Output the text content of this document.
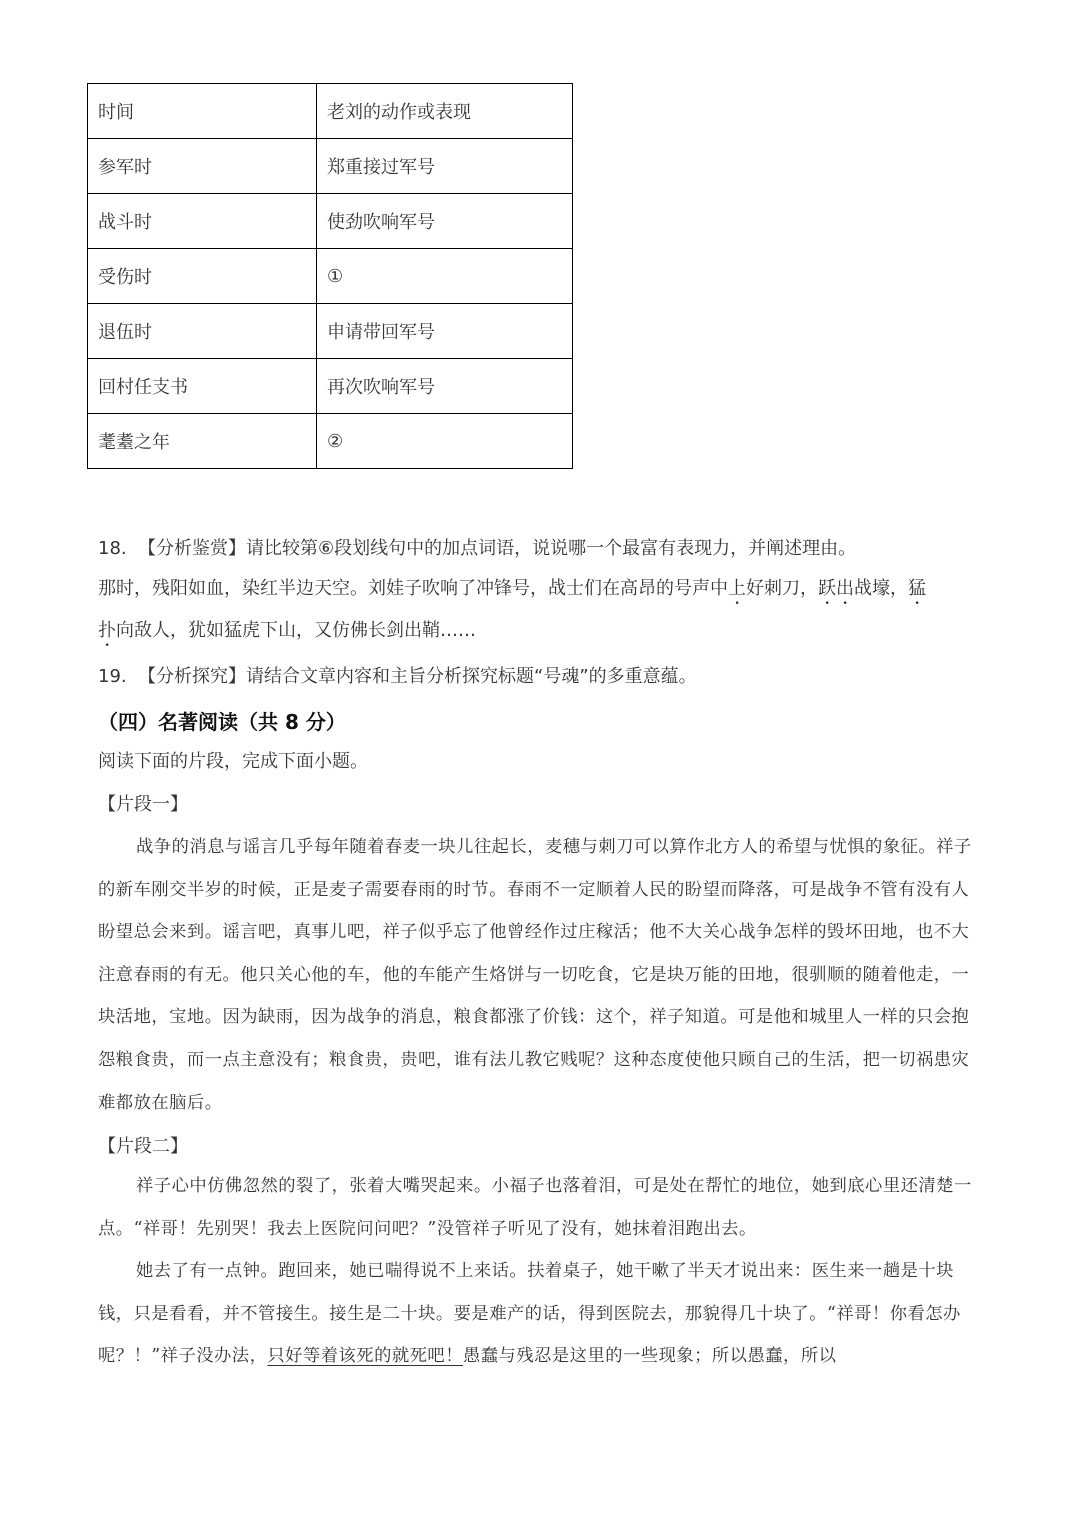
时间	老刘的动作或表现
参军时	郑重接过军号
战斗时	使劲吹响军号
受伤时	①
退伍时	申请带回军号
回村任支书	再次吹响军号
耄耋之年	②
18. 【分析鉴赏】请比较第⑥段划线句中的加点词语，说说哪一个最富有表现力，并阐述理由。
那时，残阳如血，染红半边天空。刘娃子吹响了冲锋号，战士们在高昂的号声中上好刺刀，跃出战壕，猛
扑向敌人，犹如猛虎下山，又仿佛长剑出鞘……
19. 【分析探究】请结合文章内容和主旨分析探究标题“号魂”的多重意蕴。
（四）名著阅读（共 8 分）
阅读下面的片段，完成下面小题。
【片段一】
战争的消息与谣言几乎每年随着春麦一块儿往起长，麦穗与刺刀可以算作北方人的希望与忧惧的象征。祥子的新车刚交半岁的时候，正是麦子需要春雨的时节。春雨不一定顺着人民的盼望而降落，可是战争不管有没有人盼望总会来到。谣言吧，真事儿吧，祥子似乎忘了他曾经作过庄稼活；他不大关心战争怎样的毁坏田地，也不大注意春雨的有无。他只关心他的车，他的车能产生烙饼与一切吃食，它是块万能的田地，很驯顺的随着他走，一块活地，宝地。因为缺雨，因为战争的消息，粮食都涨了价钱：这个，祥子知道。可是他和城里人一样的只会抱怨粮食贵，而一点主意没有；粮食贵，贵吧，谁有法儿教它贱呢？这种态度使他只顾自己的生活，把一切祸患灾难都放在脑后。
【片段二】
祥子心中仿佛忽然的裂了，张着大嘴哭起来。小福子也落着泪，可是处在帮忙的地位，她到底心里还清楚一点。“祥哥！先别哭！我去上医院问问吧？”没管祥子听见了没有，她抹着泪跑出去。
她去了有一点钟。跑回来，她已喘得说不上来话。扶着桌子，她干嗽了半天才说出来：医生来一趟是十块钱，只是看看，并不管接生。接生是二十块。要是难产的话，得到医院去，那貌得几十块了。“祥哥！你看怎办呢？！”祥子没办法，只好等着该死的就死吧！愚蠢与残忍是这里的一些现象；所以愚蠢，所以
